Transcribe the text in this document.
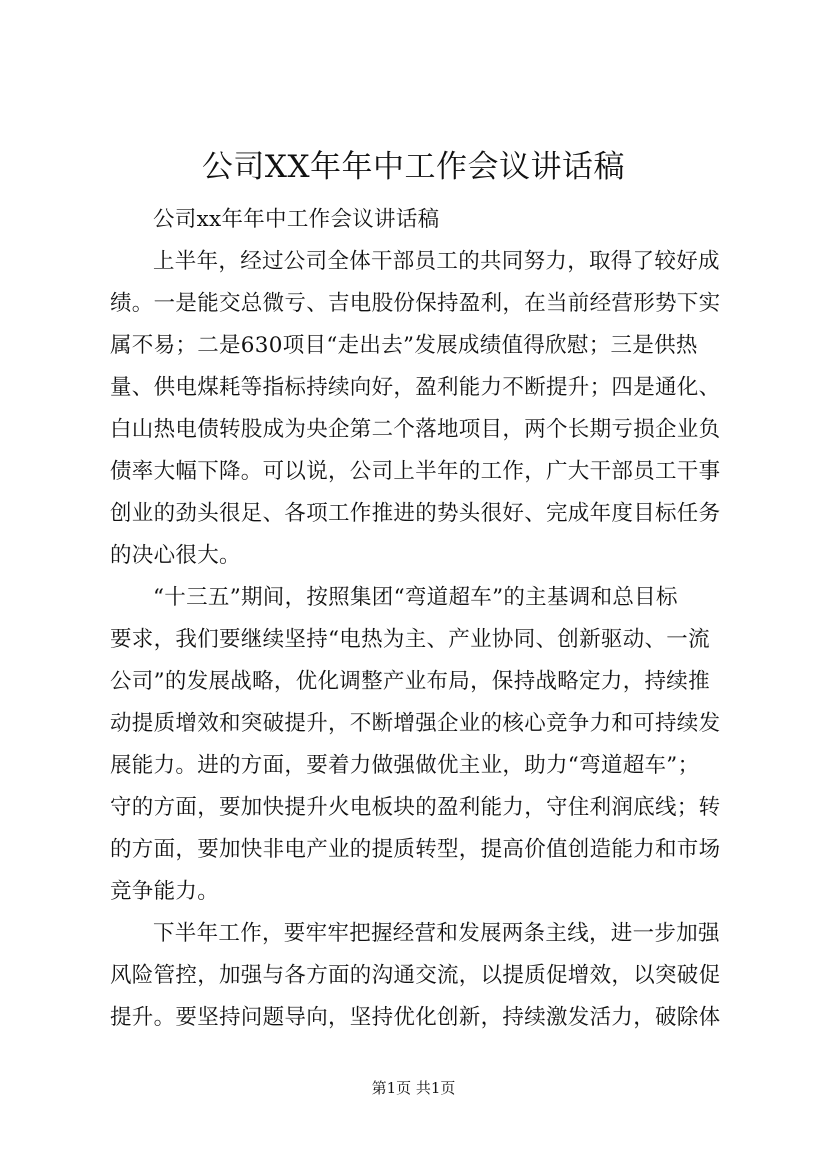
公司XX年年中工作会议讲话稿
公司xx年年中工作会议讲话稿
上半年，经过公司全体干部员工的共同努力，取得了较好成
绩。一是能交总微亏、吉电股份保持盈利，在当前经营形势下实
属不易；二是630项目“走出去”发展成绩值得欣慰；三是供热
量、供电煤耗等指标持续向好，盈利能力不断提升；四是通化、
白山热电债转股成为央企第二个落地项目，两个长期亏损企业负
债率大幅下降。可以说，公司上半年的工作，广大干部员工干事
创业的劲头很足、各项工作推进的势头很好、完成年度目标任务
的决心很大。
“十三五”期间，按照集团“弯道超车”的主基调和总目标
要求，我们要继续坚持“电热为主、产业协同、创新驱动、一流
公司”的发展战略，优化调整产业布局，保持战略定力，持续推
动提质增效和突破提升，不断增强企业的核心竞争力和可持续发
展能力。进的方面，要着力做强做优主业，助力“弯道超车”；
守的方面，要加快提升火电板块的盈利能力，守住利润底线；转
的方面，要加快非电产业的提质转型，提高价值创造能力和市场
竞争能力。
下半年工作，要牢牢把握经营和发展两条主线，进一步加强
风险管控，加强与各方面的沟通交流，以提质促增效，以突破促
提升。要坚持问题导向，坚持优化创新，持续激发活力，破除体
第1页 共1页
